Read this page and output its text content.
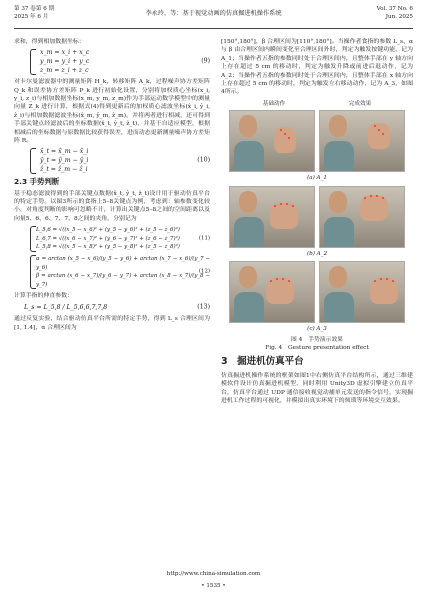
第 37 卷第 6 期
2025 年 6 月	李永玲，等：基于视觉动画的仿真掘进机操作系统
Vol. 37 No. 6
Jun. 2025

求和，得到相加数据坐标：

x_m = x_i + x_c
y_m = y_i + y_c
z_m = z_i + z_c
(9)

对卡尔曼滤波器中的测量矩阵 H_k，转移矩阵 A_k，过程噪声协方差矩阵 Q_k 和误差协方差矩阵 P_k 进行初始化设置，分别将加权质心坐标(x_i, y_i, z_i)与相加数据坐标(x_m, y_m, z_m)作为手部运动数学模型中的测量向量 Z_k 进行计算，根据式(4)得到更新后的加权质心滤波坐标(x̂_i, ŷ_i, ẑ_i)与相加数据滤波坐标(x̂_m, ŷ_m, ẑ_m)，并将两者进行相减，还可得到手部关键点经滤波后的坐标数据(x̂_t, ŷ_t, ẑ_t)，并基于自适应模型，根据相减后的坐标数据与原数据比较获得误差，进而动态更新测量噪声协方差矩阵 R。

x̂_t = x̂_m − x̂_i
ŷ_t = ŷ_m − ŷ_i
ẑ_t = ẑ_m − ẑ_i
(10)
2.3 手势判断

基于稳态滤波得到的手部关键点数据(x̂_t, ŷ_t, ẑ_t)设计用于驱动仿真平台的特定手势。以图3所示的食指上5–8关键点为例，考虑到：轴参数变化较小，对角度判断的影响可忽略不计，计算出关键点5–8之间的空间距离以及向量5、6、6、7、7、8之间的夹角，分别记为

L_5,6 = √((x_5 − x_6)² + (y_5 − y_6)² + (z_5 − z_6)²)
L_6,7 = √((x_6 − x_7)² + (y_6 − y_7)² + (z_6 − z_7)²)
L_5,8 = √((x_5 − x_8)² + (y_5 − y_8)² + (z_5 − z_8)²)
(11)
α = arctan (x_5 − x_6)/(y_5 − y_6) + arctan (x_7 − x_6)/(y_7 − y_6)
β = arctan (x_6 − x_7)/(y_6 − y_7) + arctan (x_8 − x_7)/(y_8 − y_7)
(12)

计算手指的伸直参数：

L_s = L_5,8 / L_5,6,6,7,7,8	(13)

通过反复实验，结合驱动仿真平台所需的特定手势，得到 L_s 合理区间为[1, 1.4]，α 合理区间为

[150°,180°]，β 合理区间为[110°,180°]。当操作者食指的参数 L_s、α 与 β 由合理区间内瞬间变化至合理区间外时，判定为触发按键功能，记为 A_1；当操作者五指的参数同时处于合理区间内，且整体手部在 y 轴方向上存在超过 5 cm 的移动时，判定为触发升降或前进后退动作，记为 A_2；当操作者五指的参数同时处于合理区间内，且整体手部在 x 轴方向上存在超过 5 cm 的移动时，判定为触发左右移动动作，记为 A_3，如图4所示。

基础动作	完成效果
(a) A_1
(b) A_2
(c) A_3
图 4　手势演示效果
Fig. 4　Gesture presentation effect
3　掘进机仿真平台

仿真掘进机操作系统的框架如图1中右侧仿真平台结构所示，通过三维建模软件设计仿真掘进机模型，同时利用 Unity3D 虚拟引擎建立仿真平台，仿真平台通过 UDP 通信接收视觉动捕单元发送的指令信号，实现掘进机工作过程的可视化，并模拟出真实环境下的烦琐等环境交互效果。

http://www.china-simulation.com
• 1535 •
